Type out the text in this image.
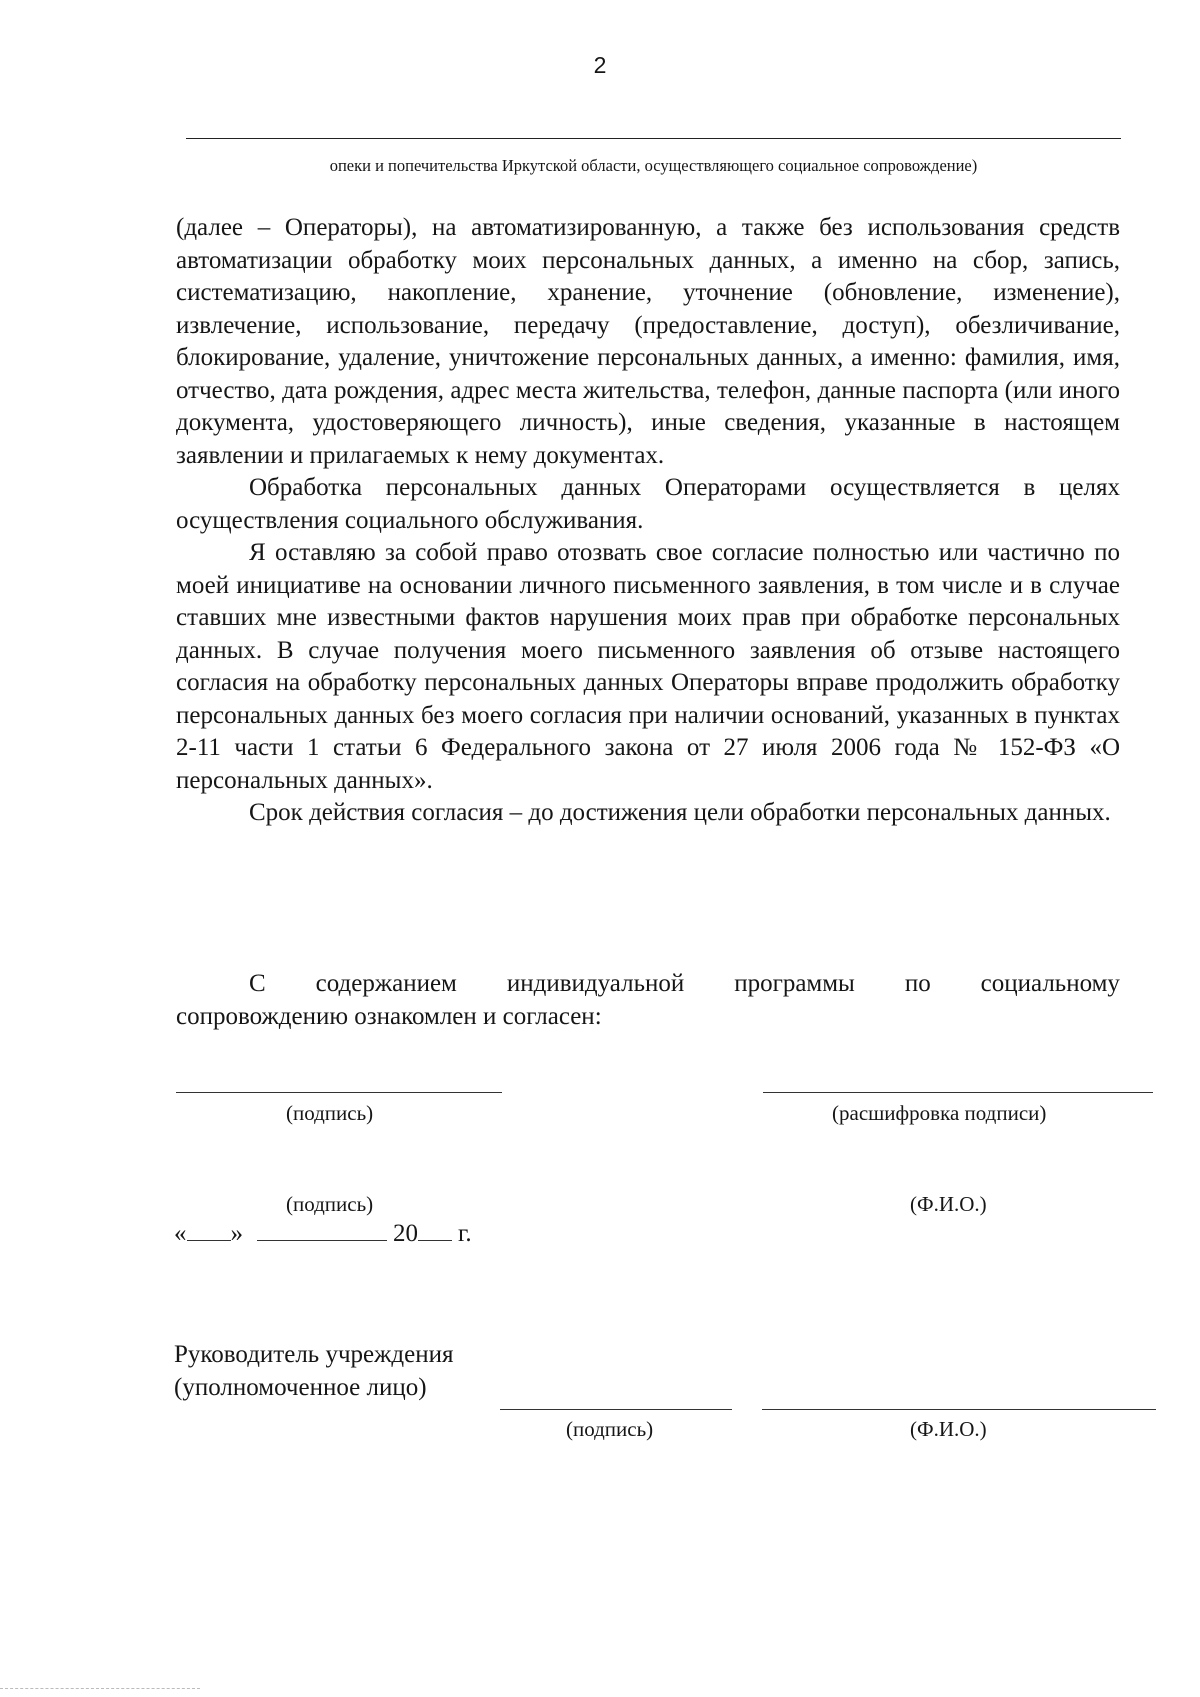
2
опеки и попечительства Иркутской области, осуществляющего социальное сопровождение)

(далее – Операторы), на автоматизированную, а также без использования средств автоматизации обработку моих персональных данных, а именно на сбор, запись, систематизацию, накопление, хранение, уточнение (обновление, изменение), извлечение, использование, передачу (предоставление, доступ), обезличивание, блокирование, удаление, уничтожение персональных данных, а именно: фамилия, имя, отчество, дата рождения, адрес места жительства, телефон, данные паспорта (или иного документа, удостоверяющего личность), иные сведения, указанные в настоящем заявлении и прилагаемых к нему документах.

Обработка персональных данных Операторами осуществляется в целях осуществления социального обслуживания.

Я оставляю за собой право отозвать свое согласие полностью или частично по моей инициативе на основании личного письменного заявления, в том числе и в случае ставших мне известными фактов нарушения моих прав при обработке персональных данных. В случае получения моего письменного заявления об отзыве настоящего согласия на обработку персональных данных Операторы вправе продолжить обработку персональных данных без моего согласия при наличии оснований, указанных в пунктах 2-11 части 1 статьи 6 Федерального закона от 27 июля 2006 года № 152-ФЗ «О персональных данных».

Срок действия согласия – до достижения цели обработки персональных данных.

С содержанием индивидуальной программы по социальному
сопровождению ознакомлен и согласен:
(подпись)	(расшифровка подписи)
(подпись)	(Ф.И.О.)
« »	20 г.
Руководитель учреждения
(уполномоченное лицо)
(подпись)	(Ф.И.О.)
